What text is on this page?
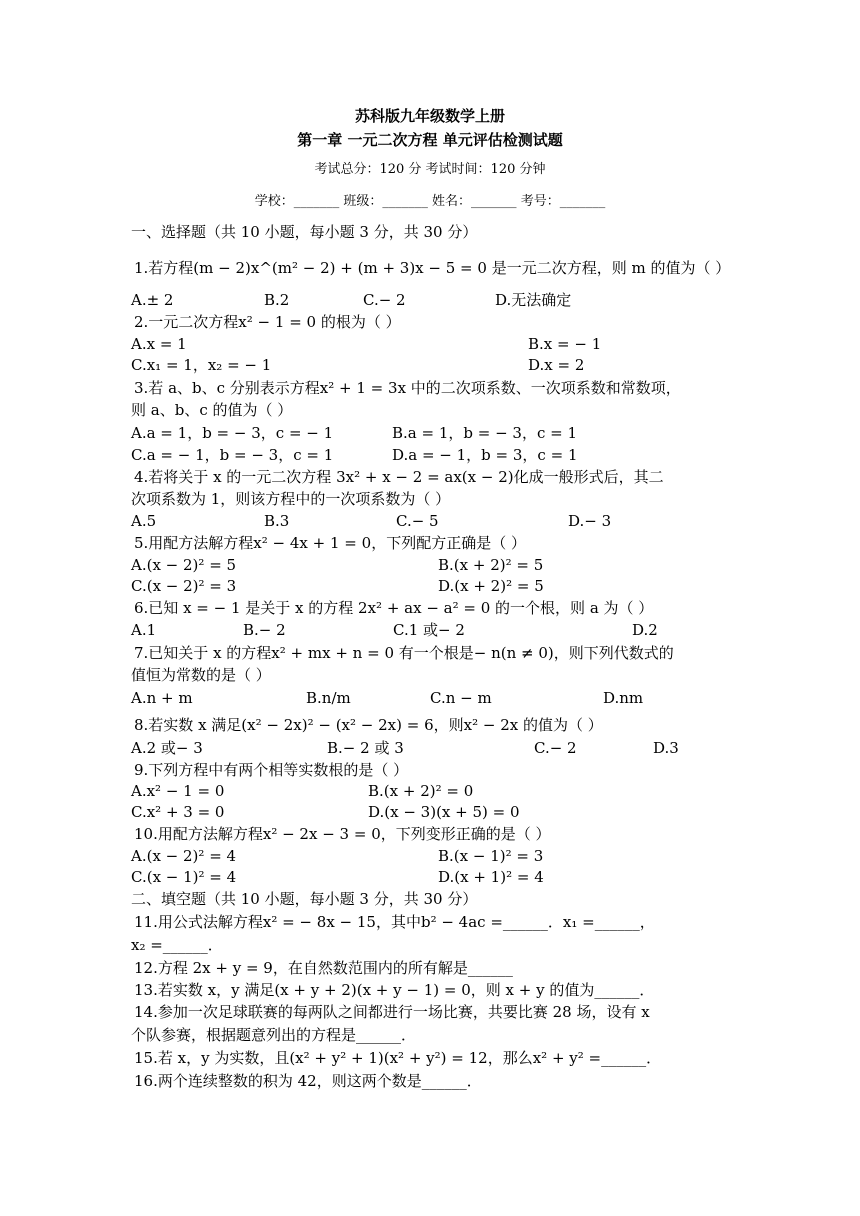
苏科版九年级数学上册
第一章 一元二次方程 单元评估检测试题
考试总分：120 分 考试时间：120 分钟
学校：_______ 班级：_______ 姓名：_______ 考号：_______
一、选择题（共 10 小题，每小题 3 分，共 30 分）
1.若方程(m − 2)x^(m² − 2) + (m + 3)x − 5 = 0 是一元二次方程，则 m 的值为（ ）
A.± 2	B.2	C.− 2	D.无法确定
2.一元二次方程x² − 1 = 0 的根为（ ）
A.x = 1	B.x = − 1
C.x₁ = 1，x₂ = − 1	D.x = 2
3.若 a、b、c 分别表示方程x² + 1 = 3x 中的二次项系数、一次项系数和常数项，
则 a、b、c 的值为（ ）
A.a = 1，b = − 3，c = − 1	B.a = 1，b = − 3，c = 1
C.a = − 1，b = − 3，c = 1	D.a = − 1，b = 3，c = 1
4.若将关于 x 的一元二次方程 3x² + x − 2 = ax(x − 2)化成一般形式后，其二
次项系数为 1，则该方程中的一次项系数为（ ）
A.5	B.3	C.− 5	D.− 3
5.用配方法解方程x² − 4x + 1 = 0，下列配方正确是（ ）
A.(x − 2)² = 5	B.(x + 2)² = 5
C.(x − 2)² = 3	D.(x + 2)² = 5
6.已知 x = − 1 是关于 x 的方程 2x² + ax − a² = 0 的一个根，则 a 为（ ）
A.1	B.− 2	C.1 或− 2	D.2
7.已知关于 x 的方程x² + mx + n = 0 有一个根是− n(n ≠ 0)，则下列代数式的
值恒为常数的是（ ）
A.n + m	B.n/m	C.n − m	D.nm
8.若实数 x 满足(x² − 2x)² − (x² − 2x) = 6，则x² − 2x 的值为（ ）
A.2 或− 3	B.− 2 或 3	C.− 2	D.3
9.下列方程中有两个相等实数根的是（ ）
A.x² − 1 = 0	B.(x + 2)² = 0
C.x² + 3 = 0	D.(x − 3)(x + 5) = 0
10.用配方法解方程x² − 2x − 3 = 0，下列变形正确的是（ ）
A.(x − 2)² = 4	B.(x − 1)² = 3
C.(x − 1)² = 4	D.(x + 1)² = 4
二、填空题（共 10 小题，每小题 3 分，共 30 分）
11.用公式法解方程x² = − 8x − 15，其中b² − 4ac =______．x₁ =______，
x₂ =______．
12.方程 2x + y = 9，在自然数范围内的所有解是______
13.若实数 x，y 满足(x + y + 2)(x + y − 1) = 0，则 x + y 的值为______．
14.参加一次足球联赛的每两队之间都进行一场比赛，共要比赛 28 场，设有 x
个队参赛，根据题意列出的方程是______．
15.若 x，y 为实数，且(x² + y² + 1)(x² + y²) = 12，那么x² + y² =______．
16.两个连续整数的积为 42，则这两个数是______．
